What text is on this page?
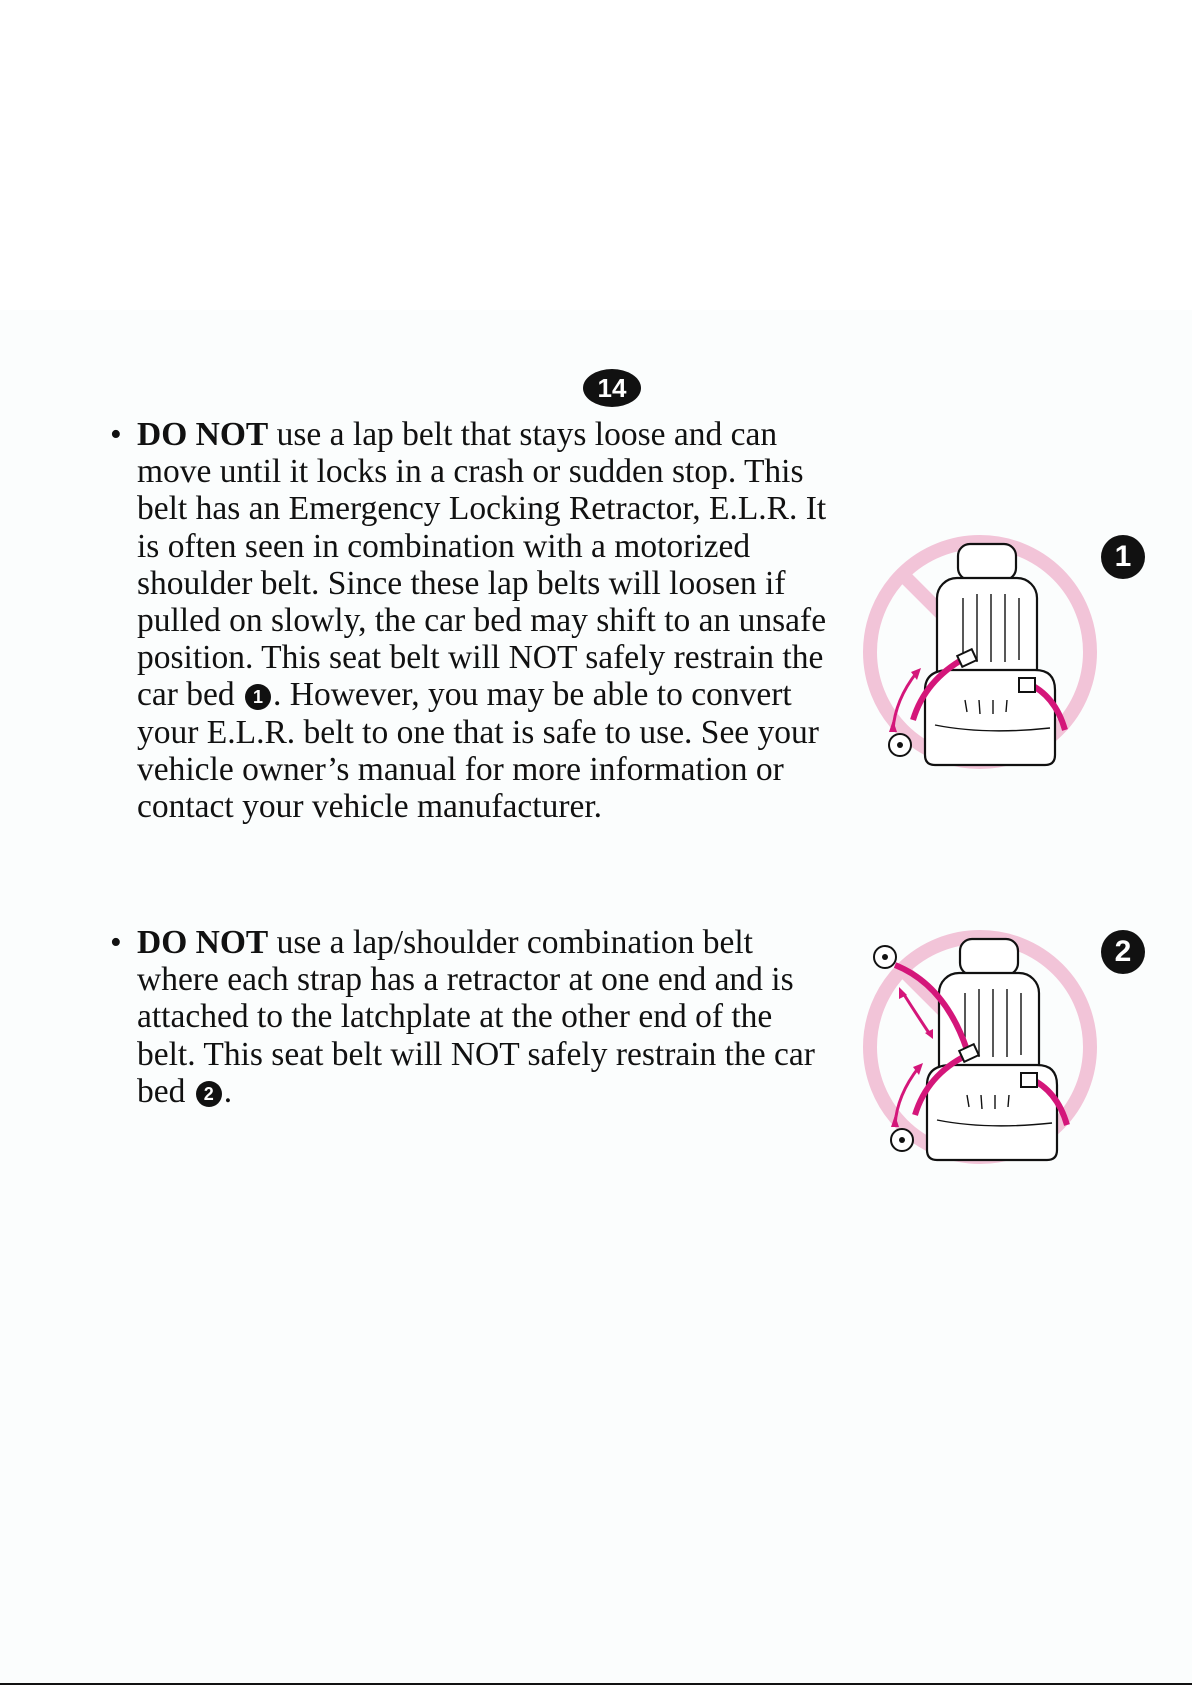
14
• DO NOT use a lap belt that stays loose and can move until it locks in a crash or sudden stop. This belt has an Emergency Locking Retractor, E.L.R. It is often seen in combination with a motorized shoulder belt. Since these lap belts will loosen if pulled on slowly, the car bed may shift to an unsafe position. This seat belt will NOT safely restrain the car bed 1 . However, you may be able to convert your E.L.R. belt to one that is safe to use. See your vehicle owner’s manual for more information or contact your vehicle manufacturer.
• DO NOT use a lap/shoulder combination belt where each strap has a retractor at one end and is attached to the latchplate at the other end of the belt. This seat belt will NOT safely restrain the car bed 2 .
1
2
